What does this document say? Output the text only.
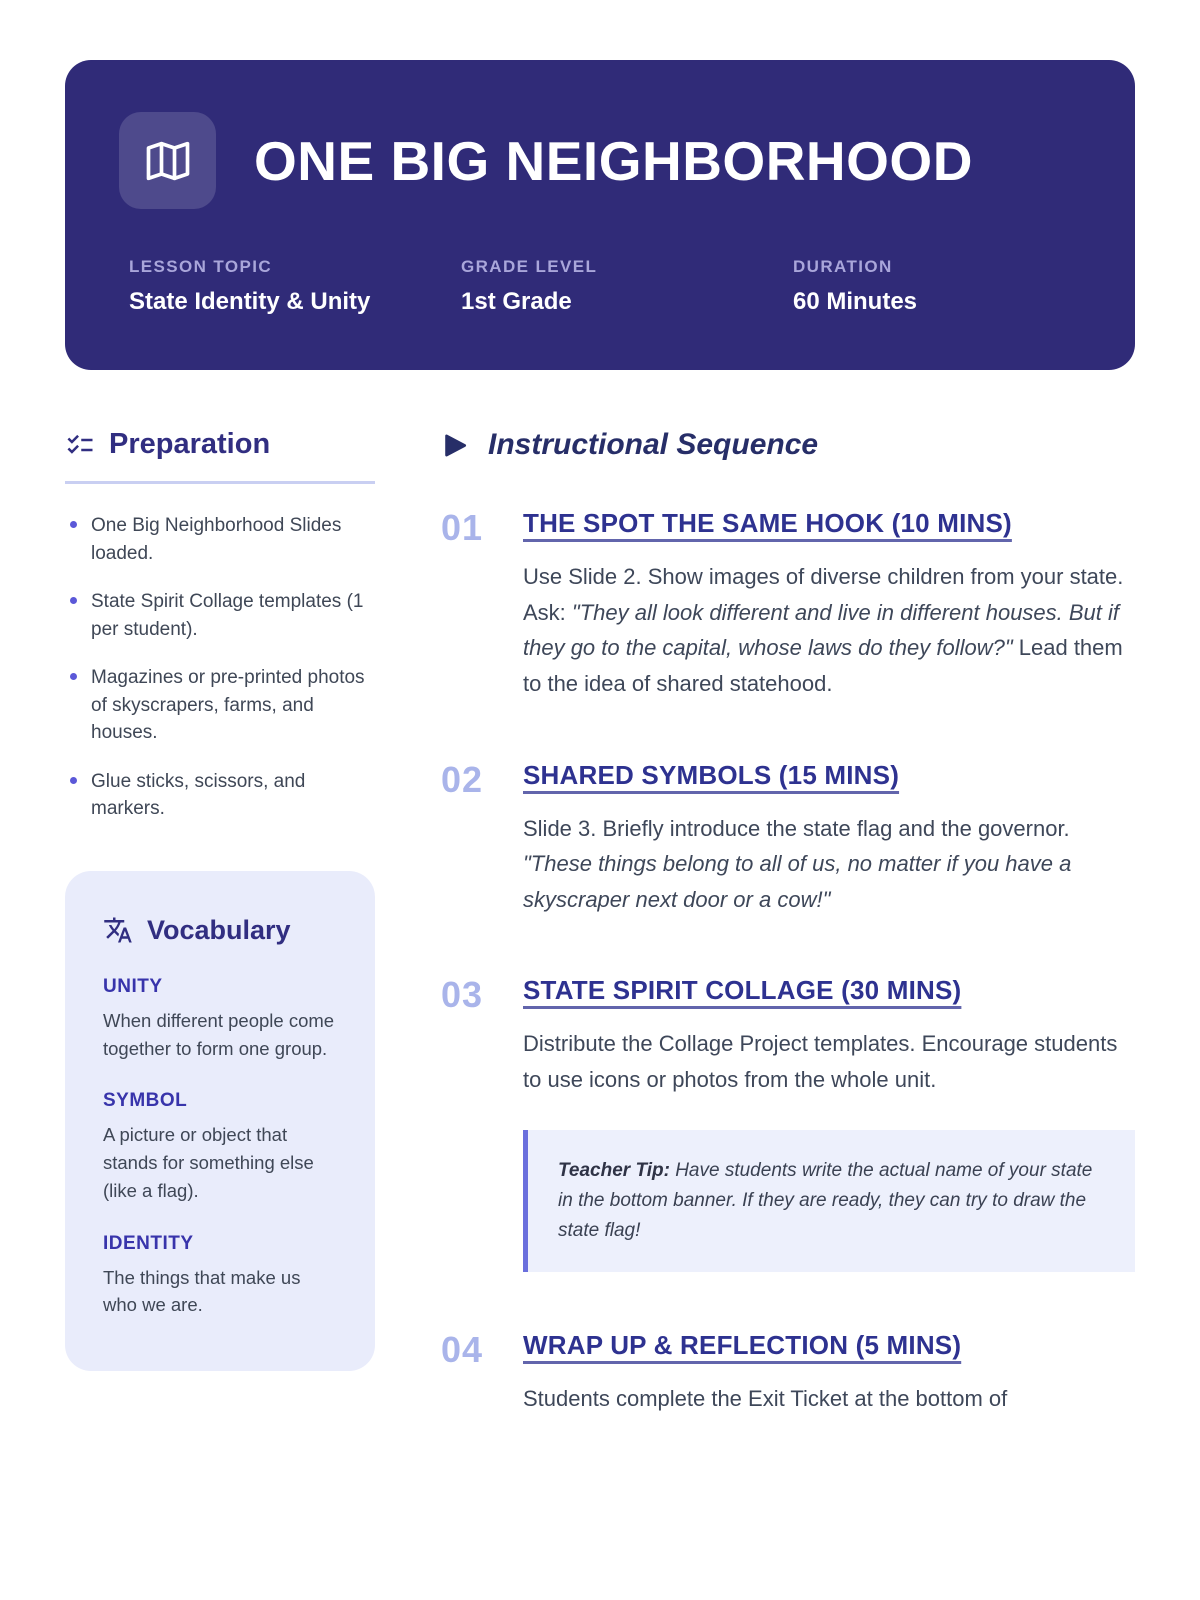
ONE BIG NEIGHBORHOOD
LESSON TOPIC
State Identity & Unity
GRADE LEVEL
1st Grade
DURATION
60 Minutes
Preparation
One Big Neighborhood Slides loaded.
State Spirit Collage templates (1 per student).
Magazines or pre-printed photos of skyscrapers, farms, and houses.
Glue sticks, scissors, and markers.
Vocabulary
UNITY
When different people come together to form one group.
SYMBOL
A picture or object that stands for something else (like a flag).
IDENTITY
The things that make us who we are.
Instructional Sequence
01	THE SPOT THE SAME HOOK (10 MINS)

Use Slide 2. Show images of diverse children from your state. Ask: "They all look different and live in different houses. But if they go to the capital, whose laws do they follow?" Lead them to the idea of shared statehood.

02	SHARED SYMBOLS (15 MINS)

Slide 3. Briefly introduce the state flag and the governor. "These things belong to all of us, no matter if you have a skyscraper next door or a cow!"

03	STATE SPIRIT COLLAGE (30 MINS)

Distribute the Collage Project templates. Encourage students to use icons or photos from the whole unit.

Teacher Tip: Have students write the actual name of your state in the bottom banner. If they are ready, they can try to draw the state flag!

04	WRAP UP & REFLECTION (5 MINS)

Students complete the Exit Ticket at the bottom of
